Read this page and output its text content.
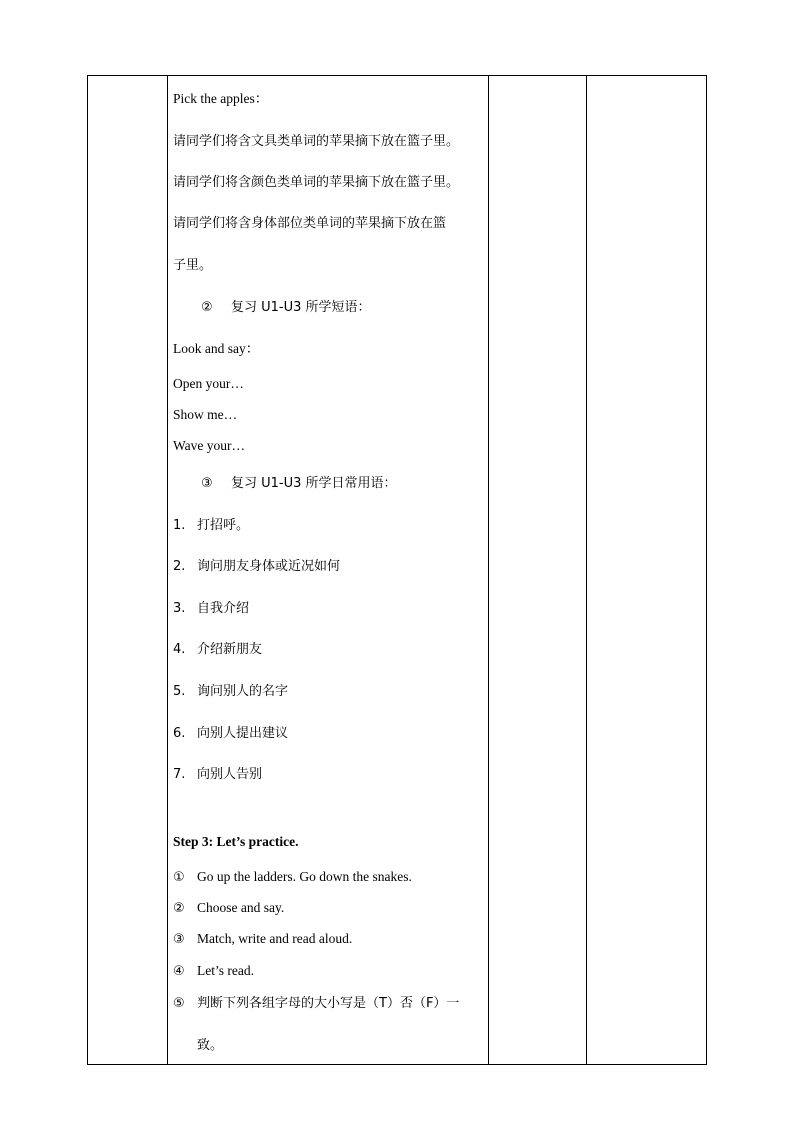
Pick the apples：
请同学们将含文具类单词的苹果摘下放在篮子里。
请同学们将含颜色类单词的苹果摘下放在篮子里。
请同学们将含身体部位类单词的苹果摘下放在篮
子里。
② 复习 U1-U3 所学短语：
Look and say：
Open your…
Show me…
Wave your…
③ 复习 U1-U3 所学日常用语：
1. 打招呼。
2. 询问朋友身体或近况如何
3. 自我介绍
4. 介绍新朋友
5. 询问别人的名字
6. 向别人提出建议
7. 向别人告别
Step 3: Let’s practice.
① Go up the ladders. Go down the snakes.
② Choose and say.
③ Match, write and read aloud.
④ Let’s read.
⑤ 判断下列各组字母的大小写是（T）否（F）一
致。
